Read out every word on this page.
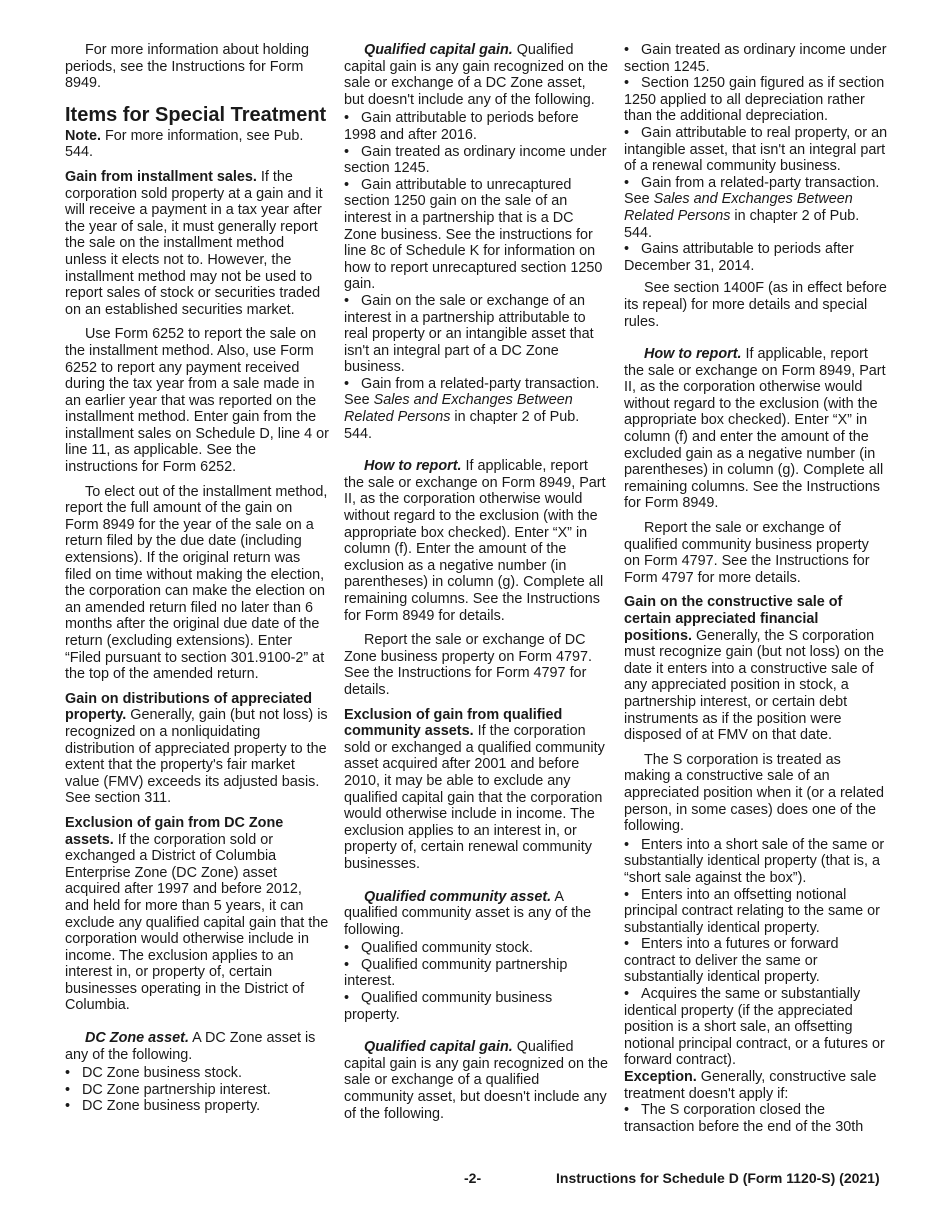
For more information about holding periods, see the Instructions for Form 8949.

Items for Special Treatment

Note. For more information, see Pub. 544.

Gain from installment sales. If the corporation sold property at a gain and it will receive a payment in a tax year after the year of sale, it must generally report the sale on the installment method unless it elects not to. However, the installment method may not be used to report sales of stock or securities traded on an established securities market.

Use Form 6252 to report the sale on the installment method. Also, use Form 6252 to report any payment received during the tax year from a sale made in an earlier year that was reported on the installment method. Enter gain from the installment sales on Schedule D, line 4 or line 11, as applicable. See the instructions for Form 6252.

To elect out of the installment method, report the full amount of the gain on Form 8949 for the year of the sale on a return filed by the due date (including extensions). If the original return was filed on time without making the election, the corporation can make the election on an amended return filed no later than 6 months after the original due date of the return (excluding extensions). Enter “Filed pursuant to section 301.9100-2” at the top of the amended return.

Gain on distributions of appreciated property. Generally, gain (but not loss) is recognized on a nonliquidating distribution of appreciated property to the extent that the property's fair market value (FMV) exceeds its adjusted basis. See section 311.

Exclusion of gain from DC Zone assets. If the corporation sold or exchanged a District of Columbia Enterprise Zone (DC Zone) asset acquired after 1997 and before 2012, and held for more than 5 years, it can exclude any qualified capital gain that the corporation would otherwise include in income. The exclusion applies to an interest in, or property of, certain businesses operating in the District of Columbia.

DC Zone asset. A DC Zone asset is any of the following.

• DC Zone business stock.
• DC Zone partnership interest.
• DC Zone business property.

Qualified capital gain. Qualified capital gain is any gain recognized on the sale or exchange of a DC Zone asset, but doesn't include any of the following.

• Gain attributable to periods before 1998 and after 2016.
• Gain treated as ordinary income under section 1245.
• Gain attributable to unrecaptured section 1250 gain on the sale of an interest in a partnership that is a DC Zone business. See the instructions for line 8c of Schedule K for information on how to report unrecaptured section 1250 gain.
• Gain on the sale or exchange of an interest in a partnership attributable to real property or an intangible asset that isn't an integral part of a DC Zone business.
• Gain from a related-party transaction. See Sales and Exchanges Between Related Persons in chapter 2 of Pub. 544.

How to report. If applicable, report the sale or exchange on Form 8949, Part II, as the corporation otherwise would without regard to the exclusion (with the appropriate box checked). Enter “X” in column (f). Enter the amount of the exclusion as a negative number (in parentheses) in column (g). Complete all remaining columns. See the Instructions for Form 8949 for details.

Report the sale or exchange of DC Zone business property on Form 4797. See the Instructions for Form 4797 for details.

Exclusion of gain from qualified community assets. If the corporation sold or exchanged a qualified community asset acquired after 2001 and before 2010, it may be able to exclude any qualified capital gain that the corporation would otherwise include in income. The exclusion applies to an interest in, or property of, certain renewal community businesses.

Qualified community asset. A qualified community asset is any of the following.

• Qualified community stock.
• Qualified community partnership interest.
• Qualified community business property.

Qualified capital gain. Qualified capital gain is any gain recognized on the sale or exchange of a qualified community asset, but doesn't include any of the following.

• Gain treated as ordinary income under section 1245.
• Section 1250 gain figured as if section 1250 applied to all depreciation rather than the additional depreciation.
• Gain attributable to real property, or an intangible asset, that isn't an integral part of a renewal community business.
• Gain from a related-party transaction. See Sales and Exchanges Between Related Persons in chapter 2 of Pub. 544.
• Gains attributable to periods after December 31, 2014.

See section 1400F (as in effect before its repeal) for more details and special rules.

How to report. If applicable, report the sale or exchange on Form 8949, Part II, as the corporation otherwise would without regard to the exclusion (with the appropriate box checked). Enter “X” in column (f) and enter the amount of the excluded gain as a negative number (in parentheses) in column (g). Complete all remaining columns. See the Instructions for Form 8949.

Report the sale or exchange of qualified community business property on Form 4797. See the Instructions for Form 4797 for more details.

Gain on the constructive sale of certain appreciated financial positions. Generally, the S corporation must recognize gain (but not loss) on the date it enters into a constructive sale of any appreciated position in stock, a partnership interest, or certain debt instruments as if the position were disposed of at FMV on that date.

The S corporation is treated as making a constructive sale of an appreciated position when it (or a related person, in some cases) does one of the following.

• Enters into a short sale of the same or substantially identical property (that is, a “short sale against the box”).
• Enters into an offsetting notional principal contract relating to the same or substantially identical property.
• Enters into a futures or forward contract to deliver the same or substantially identical property.
• Acquires the same or substantially identical property (if the appreciated position is a short sale, an offsetting notional principal contract, or a futures or forward contract).

Exception. Generally, constructive sale treatment doesn't apply if:

• The S corporation closed the transaction before the end of the 30th
-2-	Instructions for Schedule D (Form 1120-S) (2021)
